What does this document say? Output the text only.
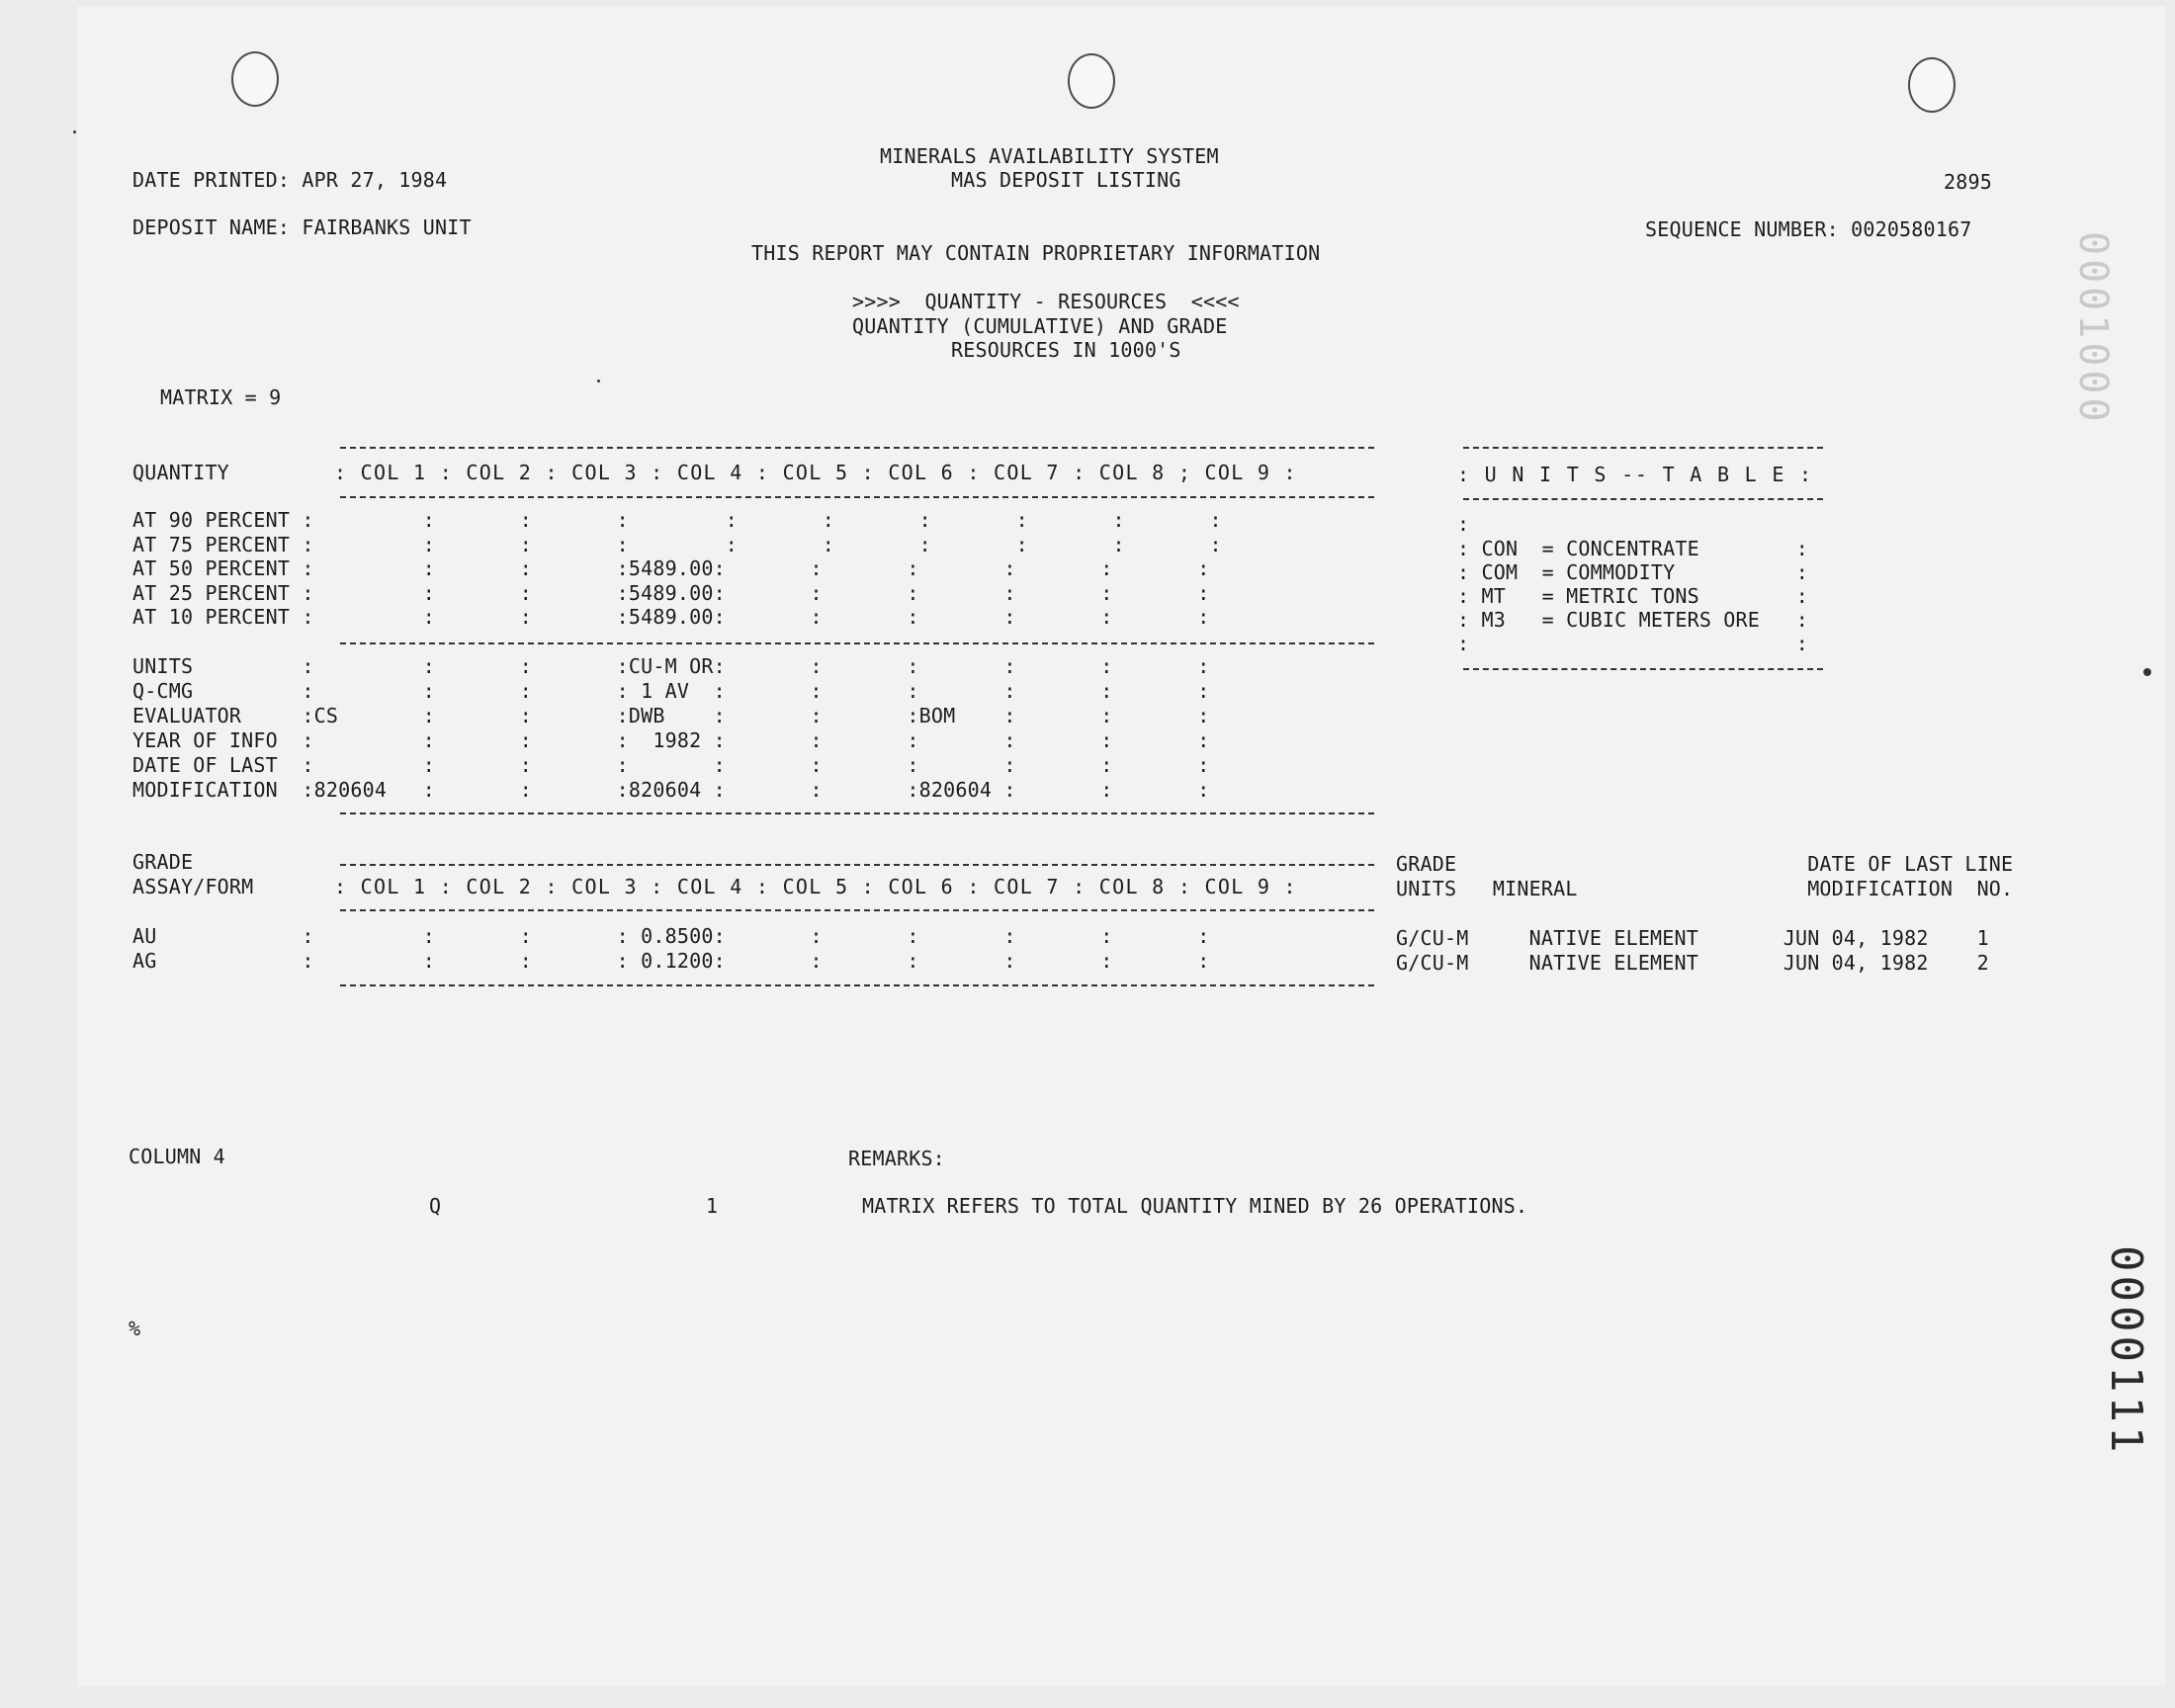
MINERALS AVAILABILITY SYSTEM
MAS DEPOSIT LISTING
DATE PRINTED: APR 27, 1984	2895
DEPOSIT NAME: FAIRBANKS UNIT	SEQUENCE NUMBER: 0020580167
THIS REPORT MAY CONTAIN PROPRIETARY INFORMATION
>>>>  QUANTITY - RESOURCES  <<<<
QUANTITY (CUMULATIVE) AND GRADE
RESOURCES IN 1000'S
MATRIX = 9
QUANTITY	: COL 1 : COL 2 : COL 3 : COL 4 : COL 5 : COL 6 : COL 7 : COL 8 ; COL 9 :
AT 90 PERCENT :         :       :       :        :       :       :       :       :       :
AT 75 PERCENT :         :       :       :        :       :       :       :       :       :
AT 50 PERCENT :         :       :       :5489.00:       :       :       :       :       :
AT 25 PERCENT :         :       :       :5489.00:       :       :       :       :       :
AT 10 PERCENT :         :       :       :5489.00:       :       :       :       :       :
UNITS         :         :       :       :CU-M OR:       :       :       :       :       :
Q-CMG         :         :       :       : 1 AV  :       :       :       :       :       :
EVALUATOR     :CS       :       :       :DWB    :       :       :BOM    :       :       :
YEAR OF INFO  :         :       :       :  1982 :       :       :       :       :       :
DATE OF LAST  :         :       :       :       :       :       :       :       :       :
MODIFICATION  :820604   :       :       :820604 :       :       :820604 :       :       :
: U N I T S -- T A B L E :
:
: CON  = CONCENTRATE        :
: COM  = COMMODITY          :
: MT   = METRIC TONS        :
: M3   = CUBIC METERS ORE   :
:                           :
GRADE
ASSAY/FORM	: COL 1 : COL 2 : COL 3 : COL 4 : COL 5 : COL 6 : COL 7 : COL 8 : COL 9 :
GRADE                             DATE OF LAST LINE
UNITS   MINERAL                   MODIFICATION  NO.
AU            :         :       :       : 0.8500:       :       :       :       :       :	G/CU-M     NATIVE ELEMENT       JUN 04, 1982    1
AG            :         :       :       : 0.1200:       :       :       :       :       :	G/CU-M     NATIVE ELEMENT       JUN 04, 1982    2
COLUMN 4	REMARKS:
Q	1	MATRIX REFERS TO TOTAL QUANTITY MINED BY 26 OPERATIONS.
%
0001000
0000111
